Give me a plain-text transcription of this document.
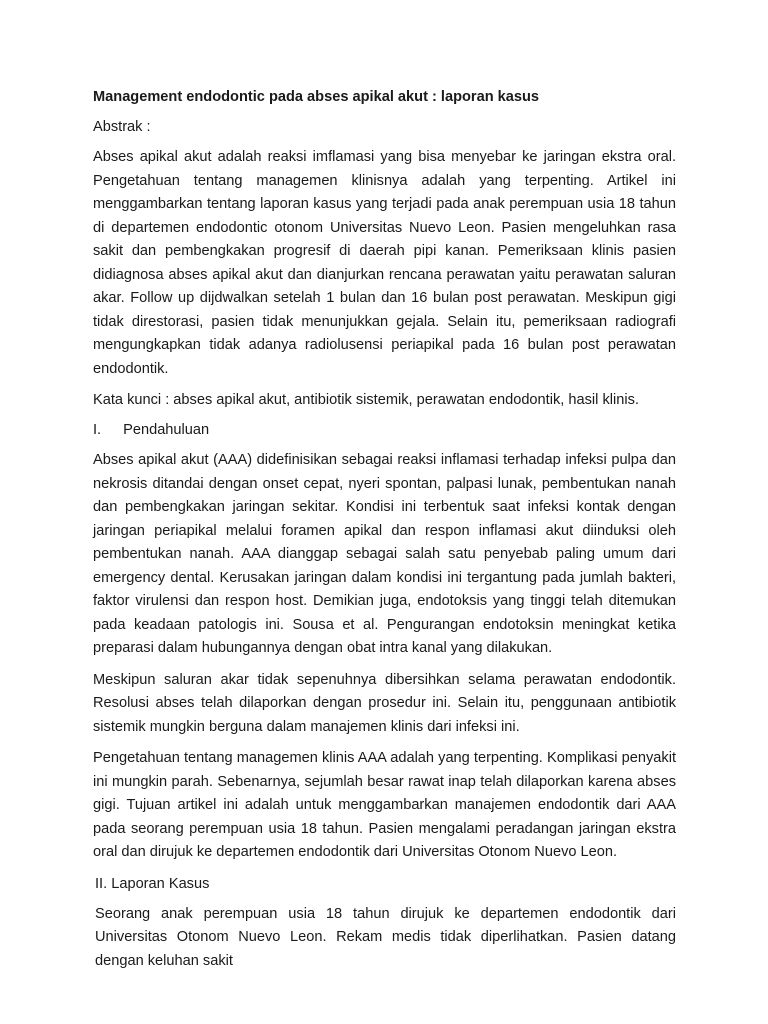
Management endodontic pada abses apikal akut : laporan kasus

Abstrak :

Abses apikal akut adalah reaksi imflamasi yang bisa menyebar ke jaringan ekstra oral. Pengetahuan tentang managemen klinisnya adalah yang terpenting. Artikel ini menggambarkan tentang laporan kasus yang terjadi pada anak perempuan usia 18 tahun di departemen endodontic otonom Universitas Nuevo Leon. Pasien mengeluhkan rasa sakit dan pembengkakan progresif di daerah pipi kanan. Pemeriksaan klinis pasien didiagnosa abses apikal akut dan dianjurkan rencana perawatan yaitu perawatan saluran akar. Follow up dijdwalkan setelah 1 bulan dan 16 bulan post perawatan. Meskipun gigi tidak direstorasi, pasien tidak menunjukkan gejala. Selain itu, pemeriksaan radiografi mengungkapkan tidak adanya radiolusensi periapikal pada 16 bulan post perawatan endodontik.

Kata kunci : abses apikal akut, antibiotik sistemik, perawatan endodontik, hasil klinis.

I. Pendahuluan

Abses apikal akut (AAA) didefinisikan sebagai reaksi inflamasi terhadap infeksi pulpa dan nekrosis ditandai dengan onset cepat, nyeri spontan, palpasi lunak, pembentukan nanah dan pembengkakan jaringan sekitar. Kondisi ini terbentuk saat infeksi kontak dengan jaringan periapikal melalui foramen apikal dan respon inflamasi akut diinduksi oleh pembentukan nanah. AAA dianggap sebagai salah satu penyebab paling umum dari emergency dental. Kerusakan jaringan dalam kondisi ini tergantung pada jumlah bakteri, faktor virulensi dan respon host. Demikian juga, endotoksis yang tinggi telah ditemukan pada keadaan patologis ini. Sousa et al. Pengurangan endotoksin meningkat ketika preparasi dalam hubungannya dengan obat intra kanal yang dilakukan.

Meskipun saluran akar tidak sepenuhnya dibersihkan selama perawatan endodontik. Resolusi abses telah dilaporkan dengan prosedur ini. Selain itu, penggunaan antibiotik sistemik mungkin berguna dalam manajemen klinis dari infeksi ini.

Pengetahuan tentang managemen klinis AAA adalah yang terpenting. Komplikasi penyakit ini mungkin parah. Sebenarnya, sejumlah besar rawat inap telah dilaporkan karena abses gigi. Tujuan artikel ini adalah untuk menggambarkan manajemen endodontik dari AAA pada seorang perempuan usia 18 tahun. Pasien mengalami peradangan jaringan ekstra oral dan dirujuk ke departemen endodontik dari Universitas Otonom Nuevo Leon.

II. Laporan Kasus

Seorang anak perempuan usia 18 tahun dirujuk ke departemen endodontik dari Universitas Otonom Nuevo Leon. Rekam medis tidak diperlihatkan. Pasien datang dengan keluhan sakit
